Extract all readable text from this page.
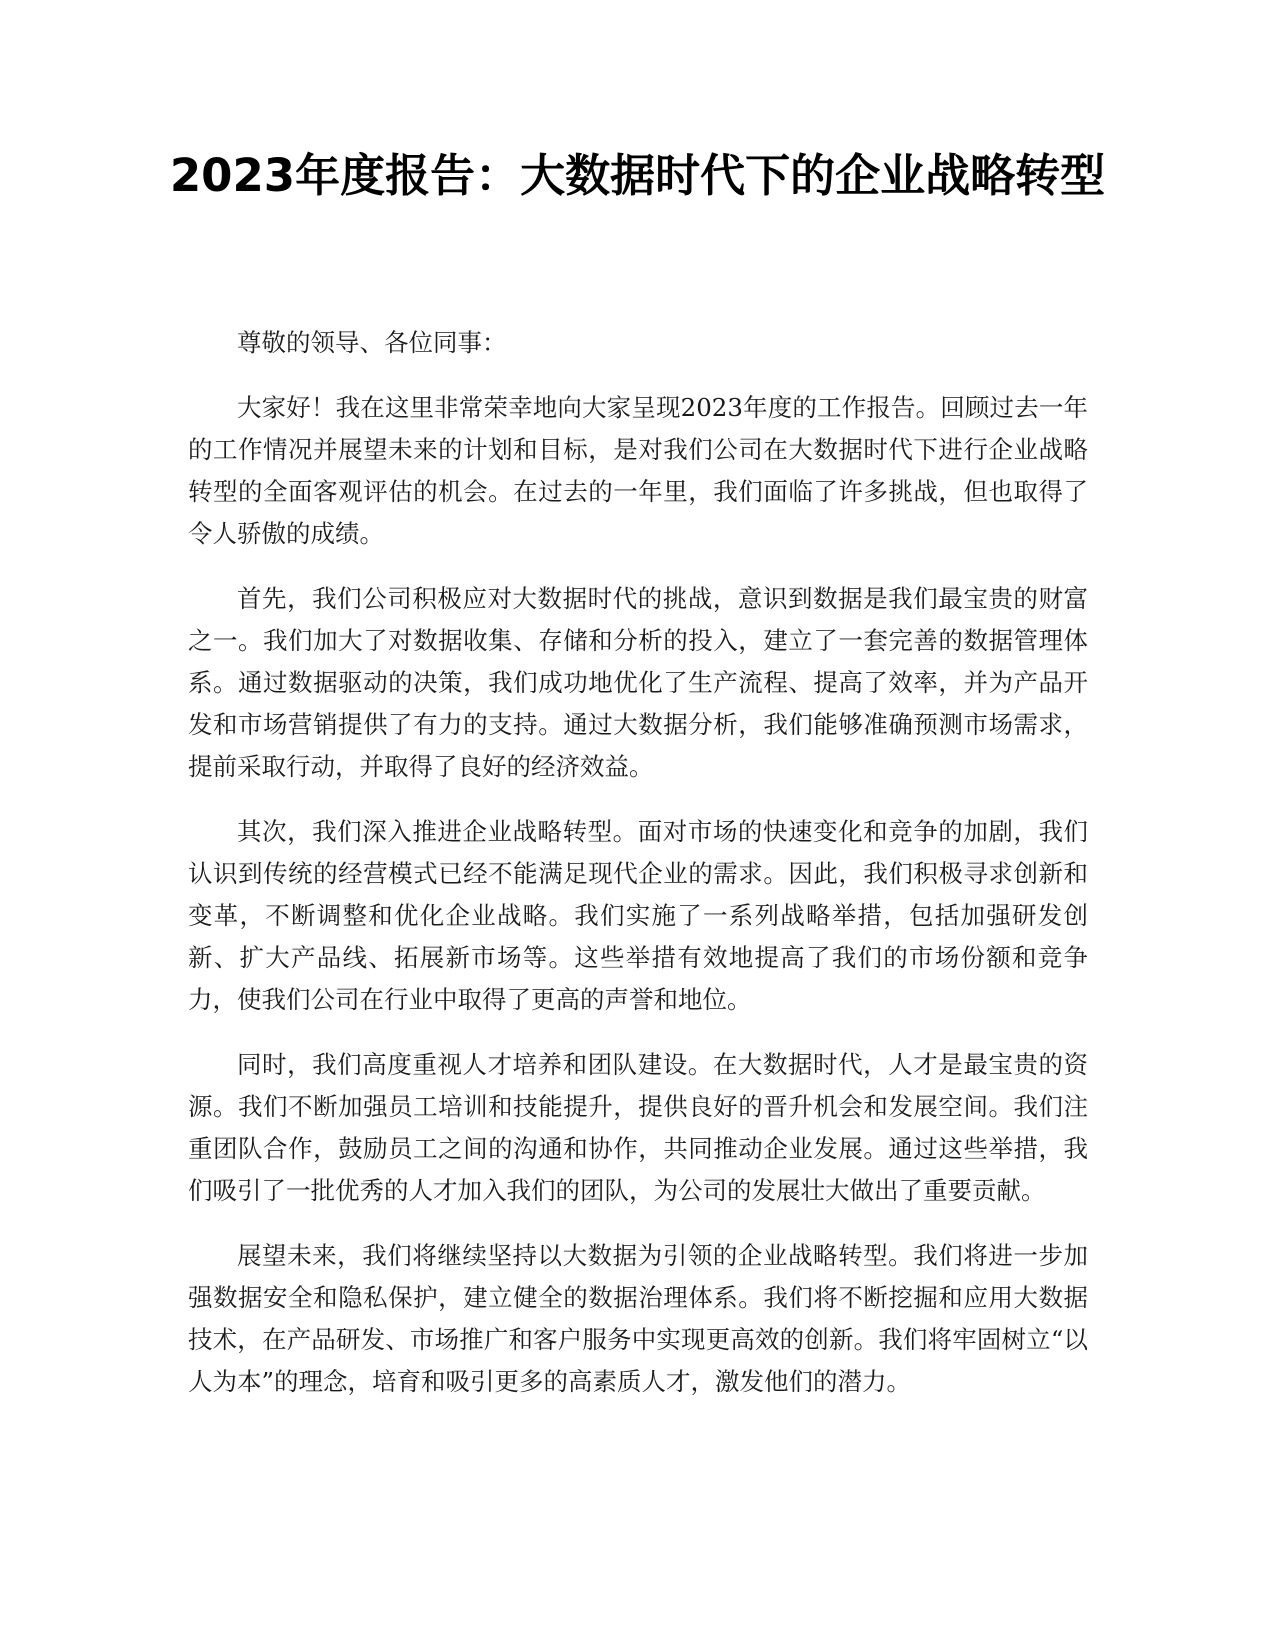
2023年度报告：大数据时代下的企业战略转型

尊敬的领导、各位同事：

大家好！我在这里非常荣幸地向大家呈现2023年度的工作报告。回顾过去一年的工作情况并展望未来的计划和目标，是对我们公司在大数据时代下进行企业战略转型的全面客观评估的机会。在过去的一年里，我们面临了许多挑战，但也取得了令人骄傲的成绩。

首先，我们公司积极应对大数据时代的挑战，意识到数据是我们最宝贵的财富之一。我们加大了对数据收集、存储和分析的投入，建立了一套完善的数据管理体系。通过数据驱动的决策，我们成功地优化了生产流程、提高了效率，并为产品开发和市场营销提供了有力的支持。通过大数据分析，我们能够准确预测市场需求，提前采取行动，并取得了良好的经济效益。

其次，我们深入推进企业战略转型。面对市场的快速变化和竞争的加剧，我们认识到传统的经营模式已经不能满足现代企业的需求。因此，我们积极寻求创新和变革，不断调整和优化企业战略。我们实施了一系列战略举措，包括加强研发创新、扩大产品线、拓展新市场等。这些举措有效地提高了我们的市场份额和竞争力，使我们公司在行业中取得了更高的声誉和地位。

同时，我们高度重视人才培养和团队建设。在大数据时代，人才是最宝贵的资源。我们不断加强员工培训和技能提升，提供良好的晋升机会和发展空间。我们注重团队合作，鼓励员工之间的沟通和协作，共同推动企业发展。通过这些举措，我们吸引了一批优秀的人才加入我们的团队，为公司的发展壮大做出了重要贡献。

展望未来，我们将继续坚持以大数据为引领的企业战略转型。我们将进一步加强数据安全和隐私保护，建立健全的数据治理体系。我们将不断挖掘和应用大数据技术，在产品研发、市场推广和客户服务中实现更高效的创新。我们将牢固树立“以人为本”的理念，培育和吸引更多的高素质人才，激发他们的潜力。
